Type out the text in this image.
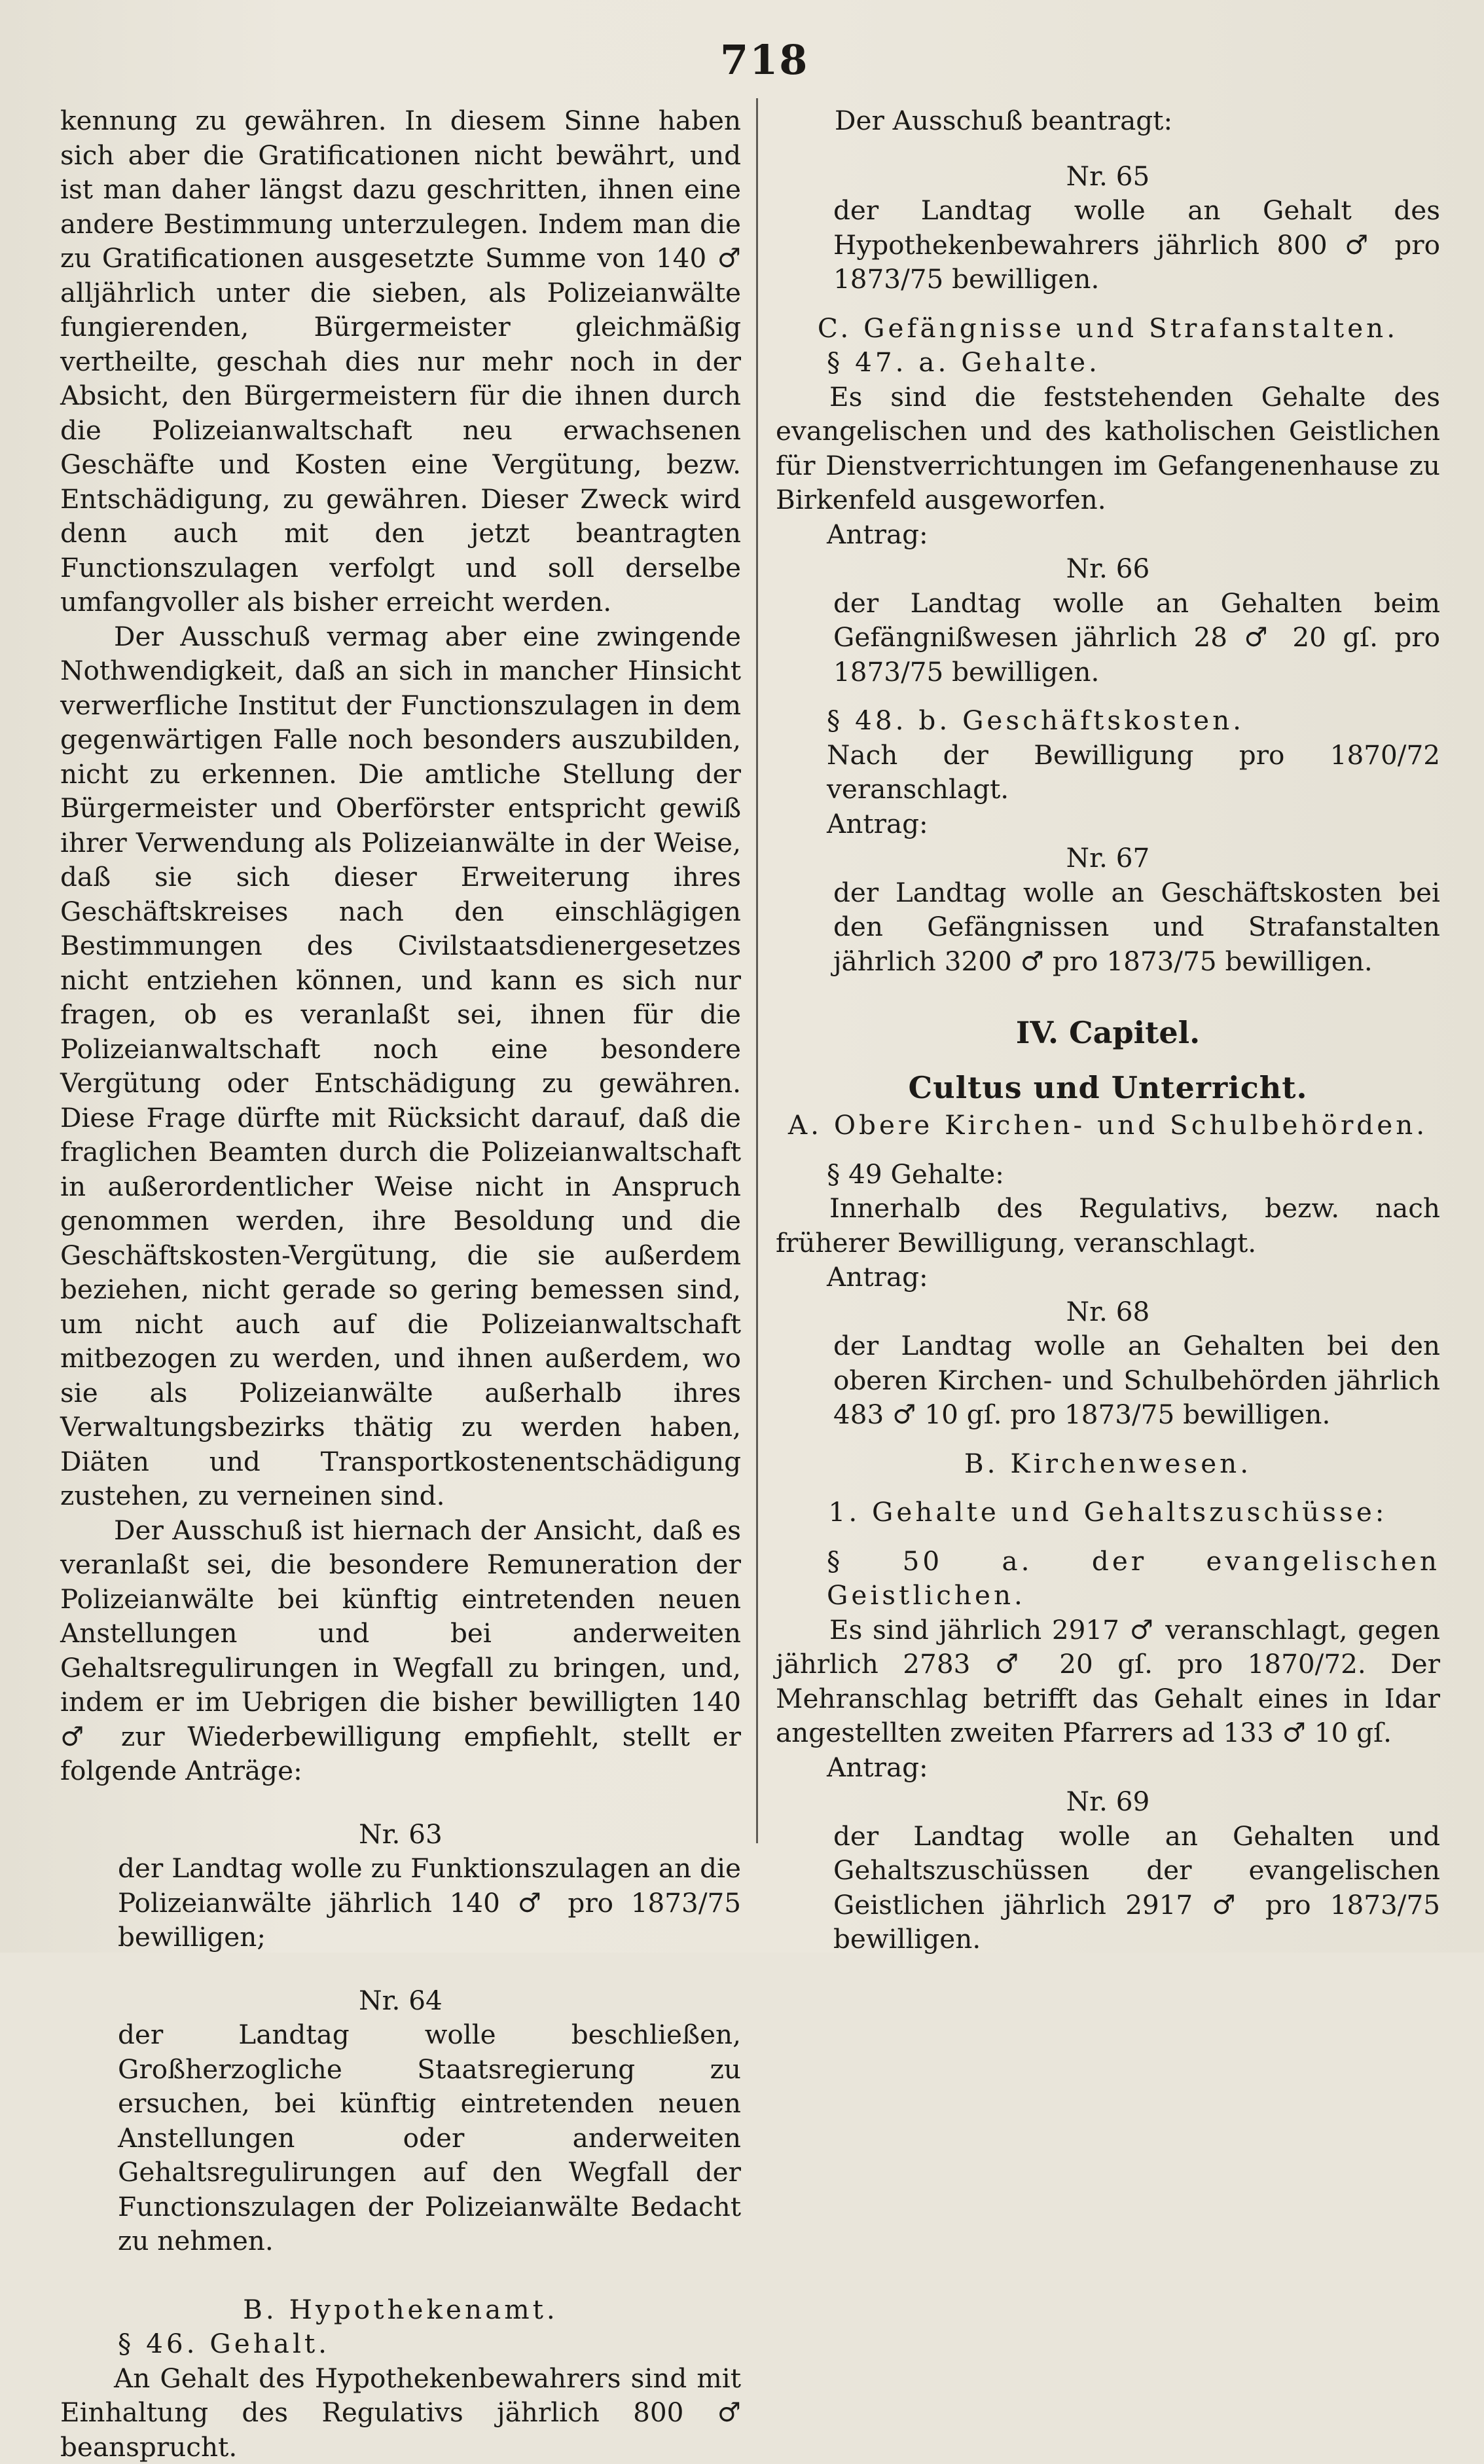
718

kennung zu gewähren. In diesem Sinne haben sich aber die Gratificationen nicht bewährt, und ist man daher längst dazu geschritten, ihnen eine andere Bestimmung unterzulegen. Indem man die zu Gratificationen ausgesetzte Summe von 140 ♂ alljährlich unter die sieben, als Polizeianwälte fungierenden, Bürgermeister gleichmäßig vertheilte, geschah dies nur mehr noch in der Absicht, den Bürgermeistern für die ihnen durch die Polizeianwaltschaft neu erwachsenen Geschäfte und Kosten eine Vergütung, bezw. Entschädigung, zu gewähren. Dieser Zweck wird denn auch mit den jetzt beantragten Functionszulagen verfolgt und soll derselbe umfangvoller als bisher erreicht werden.

Der Ausschuß vermag aber eine zwingende Nothwendigkeit, daß an sich in mancher Hinsicht verwerfliche Institut der Functionszulagen in dem gegenwärtigen Falle noch besonders auszubilden, nicht zu erkennen. Die amtliche Stellung der Bürgermeister und Oberförster entspricht gewiß ihrer Verwendung als Polizeianwälte in der Weise, daß sie sich dieser Erweiterung ihres Geschäftskreises nach den einschlägigen Bestimmungen des Civilstaatsdienergesetzes nicht entziehen können, und kann es sich nur fragen, ob es veranlaßt sei, ihnen für die Polizeianwaltschaft noch eine besondere Vergütung oder Entschädigung zu gewähren. Diese Frage dürfte mit Rücksicht darauf, daß die fraglichen Beamten durch die Polizeianwaltschaft in außerordentlicher Weise nicht in Anspruch genommen werden, ihre Besoldung und die Geschäftskosten-Vergütung, die sie außerdem beziehen, nicht gerade so gering bemessen sind, um nicht auch auf die Polizeianwaltschaft mitbezogen zu werden, und ihnen außerdem, wo sie als Polizeianwälte außerhalb ihres Verwaltungsbezirks thätig zu werden haben, Diäten und Transportkostenentschädigung zustehen, zu verneinen sind.

Der Ausschuß ist hiernach der Ansicht, daß es veranlaßt sei, die besondere Remuneration der Polizeianwälte bei künftig eintretenden neuen Anstellungen und bei anderweiten Gehaltsregulirungen in Wegfall zu bringen, und, indem er im Uebrigen die bisher bewilligten 140 ♂ zur Wiederbewilligung empfiehlt, stellt er folgende Anträge:

Nr. 63

der Landtag wolle zu Funktionszulagen an die Polizeianwälte jährlich 140 ♂ pro 1873/75 bewilligen;

Nr. 64

der Landtag wolle beschließen, Großherzogliche Staatsregierung zu ersuchen, bei künftig eintretenden neuen Anstellungen oder anderweiten Gehaltsregulirungen auf den Wegfall der Functionszulagen der Polizeianwälte Bedacht zu nehmen.

B. Hypothekenamt.

§ 46. Gehalt.

An Gehalt des Hypothekenbewahrers sind mit Einhaltung des Regulativs jährlich 800 ♂ beansprucht.

Der Ausschuß beantragt:

Nr. 65

der Landtag wolle an Gehalt des Hypothekenbewahrers jährlich 800 ♂ pro 1873/75 bewilligen.

C. Gefängnisse und Strafanstalten.

§ 47. a. Gehalte.

Es sind die feststehenden Gehalte des evangelischen und des katholischen Geistlichen für Dienstverrichtungen im Gefangenenhause zu Birkenfeld ausgeworfen.

Antrag:

Nr. 66

der Landtag wolle an Gehalten beim Gefängnißwesen jährlich 28 ♂ 20 gſ. pro 1873/75 bewilligen.

§ 48. b. Geschäftskosten.

Nach der Bewilligung pro 1870/72 veranschlagt.

Antrag:

Nr. 67

der Landtag wolle an Geschäftskosten bei den Gefängnissen und Strafanstalten jährlich 3200 ♂ pro 1873/75 bewilligen.

IV. Capitel.

Cultus und Unterricht.

A. Obere Kirchen- und Schulbehörden.

§ 49 Gehalte:

Innerhalb des Regulativs, bezw. nach früherer Bewilligung, veranschlagt.

Antrag:

Nr. 68

der Landtag wolle an Gehalten bei den oberen Kirchen- und Schulbehörden jährlich 483 ♂ 10 gſ. pro 1873/75 bewilligen.

B. Kirchenwesen.

1. Gehalte und Gehaltszuschüsse:

§ 50 a. der evangelischen Geistlichen.

Es sind jährlich 2917 ♂ veranschlagt, gegen jährlich 2783 ♂ 20 gſ. pro 1870/72. Der Mehranschlag betrifft das Gehalt eines in Idar angestellten zweiten Pfarrers ad 133 ♂ 10 gſ.

Antrag:

Nr. 69

der Landtag wolle an Gehalten und Gehaltszuschüssen der evangelischen Geistlichen jährlich 2917 ♂ pro 1873/75 bewilligen.
